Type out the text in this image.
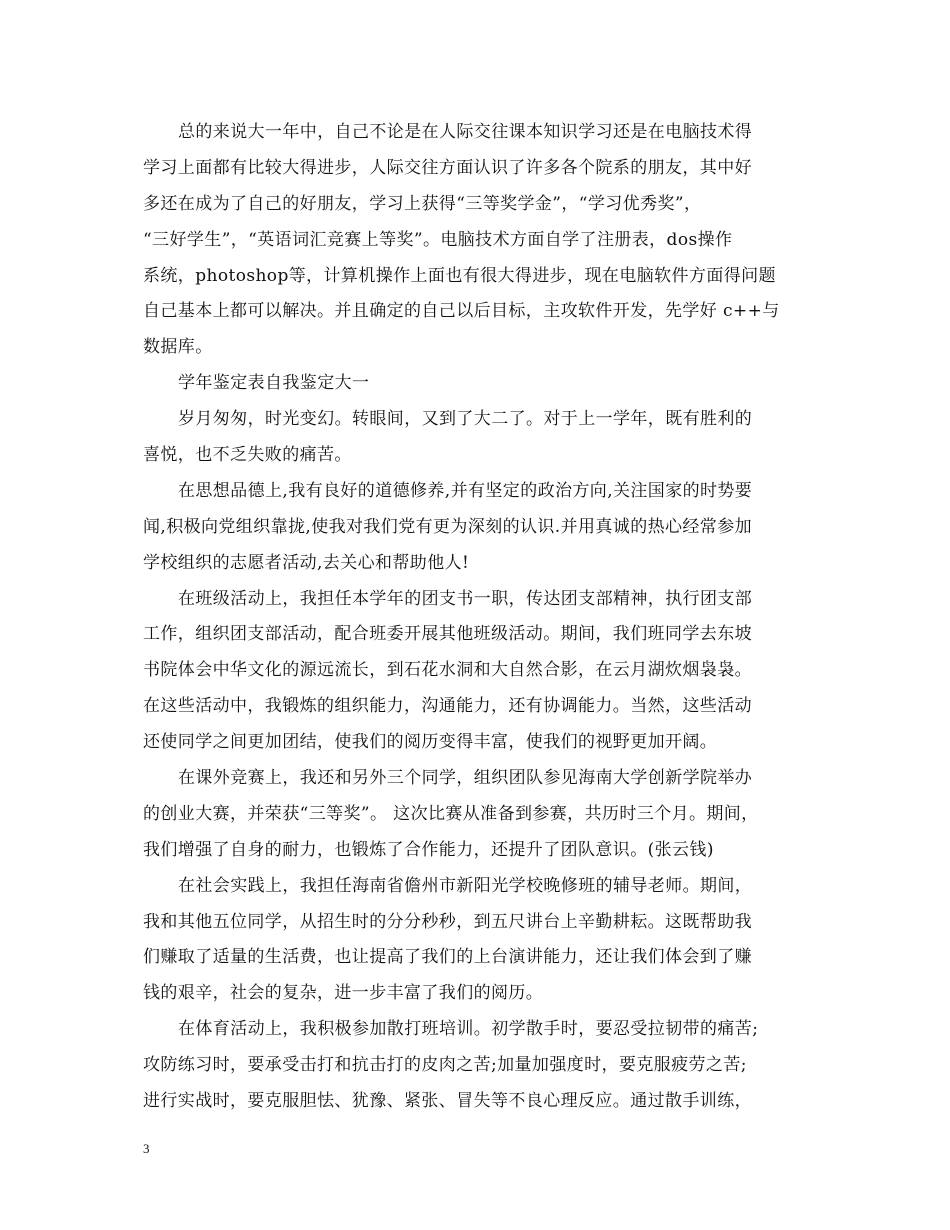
总的来说大一年中，自己不论是在人际交往课本知识学习还是在电脑技术得
学习上面都有比较大得进步，人际交往方面认识了许多各个院系的朋友，其中好
多还在成为了自己的好朋友，学习上获得“三等奖学金”，“学习优秀奖”，
“三好学生”，“英语词汇竞赛上等奖”。电脑技术方面自学了注册表，dos操作
系统，photoshop等，计算机操作上面也有很大得进步，现在电脑软件方面得问题
自己基本上都可以解决。并且确定的自己以后目标，主攻软件开发，先学好 c++与
数据库。
学年鉴定表自我鉴定大一
岁月匆匆，时光变幻。转眼间，又到了大二了。对于上一学年，既有胜利的
喜悦，也不乏失败的痛苦。
在思想品德上,我有良好的道德修养,并有坚定的政治方向,关注国家的时势要
闻,积极向党组织靠拢,使我对我们党有更为深刻的认识.并用真诚的热心经常参加
学校组织的志愿者活动,去关心和帮助他人!
在班级活动上，我担任本学年的团支书一职，传达团支部精神，执行团支部
工作，组织团支部活动，配合班委开展其他班级活动。期间，我们班同学去东坡
书院体会中华文化的源远流长，到石花水洞和大自然合影，在云月湖炊烟袅袅。
在这些活动中，我锻炼的组织能力，沟通能力，还有协调能力。当然，这些活动
还使同学之间更加团结，使我们的阅历变得丰富，使我们的视野更加开阔。
在课外竞赛上，我还和另外三个同学，组织团队参见海南大学创新学院举办
的创业大赛，并荣获“三等奖”。 这次比赛从准备到参赛，共历时三个月。期间，
我们增强了自身的耐力，也锻炼了合作能力，还提升了团队意识。(张云钱)
在社会实践上，我担任海南省儋州市新阳光学校晚修班的辅导老师。期间，
我和其他五位同学，从招生时的分分秒秒，到五尺讲台上辛勤耕耘。这既帮助我
们赚取了适量的生活费，也让提高了我们的上台演讲能力，还让我们体会到了赚
钱的艰辛，社会的复杂，进一步丰富了我们的阅历。
在体育活动上，我积极参加散打班培训。初学散手时，要忍受拉韧带的痛苦;
攻防练习时，要承受击打和抗击打的皮肉之苦;加量加强度时，要克服疲劳之苦;
进行实战时，要克服胆怯、犹豫、紧张、冒失等不良心理反应。通过散手训练，
3
